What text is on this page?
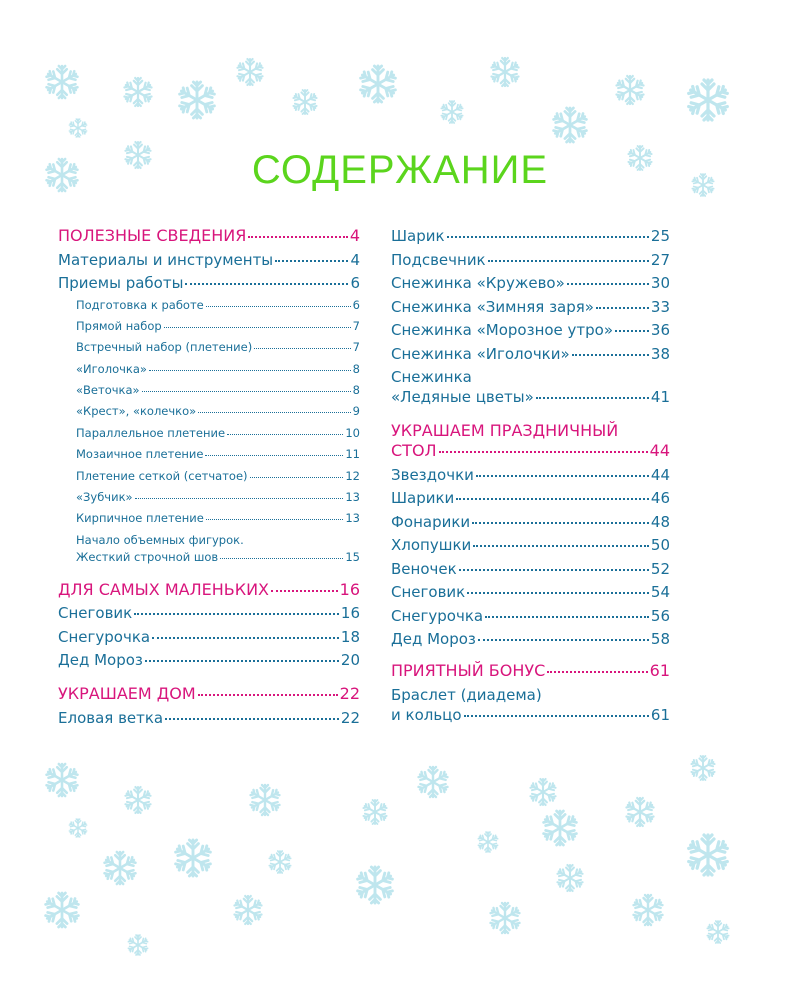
СОДЕРЖАНИЕ
ПОЛЕЗНЫЕ СВЕДЕНИЯ	4
Материалы и инструменты	4
Приемы работы	6
Подготовка к работе	6
Прямой набор	7
Встречный набор (плетение)	7
«Иголочка»	8
«Веточка»	8
«Крест», «колечко»	9
Параллельное плетение	10
Мозаичное плетение	11
Плетение сеткой (сетчатое)	12
«Зубчик»	13
Кирпичное плетение	13
Начало объемных фигурок.
Жесткий строчной шов	15
ДЛЯ САМЫХ МАЛЕНЬКИХ	16
Снеговик	16
Снегурочка	18
Дед Мороз	20
УКРАШАЕМ ДОМ	22
Еловая ветка	22
Шарик	25
Подсвечник	27
Снежинка «Кружево»	30
Снежинка «Зимняя заря»	33
Снежинка «Морозное утро»	36
Снежинка «Иголочки»	38
Снежинка
«Ледяные цветы»	41
УКРАШАЕМ ПРАЗДНИЧНЫЙ
СТОЛ	44
Звездочки	44
Шарики	46
Фонарики	48
Хлопушки	50
Веночек	52
Снеговик	54
Снегурочка	56
Дед Мороз	58
ПРИЯТНЫЙ БОНУС	61
Браслет (диадема)
и кольцо	61
